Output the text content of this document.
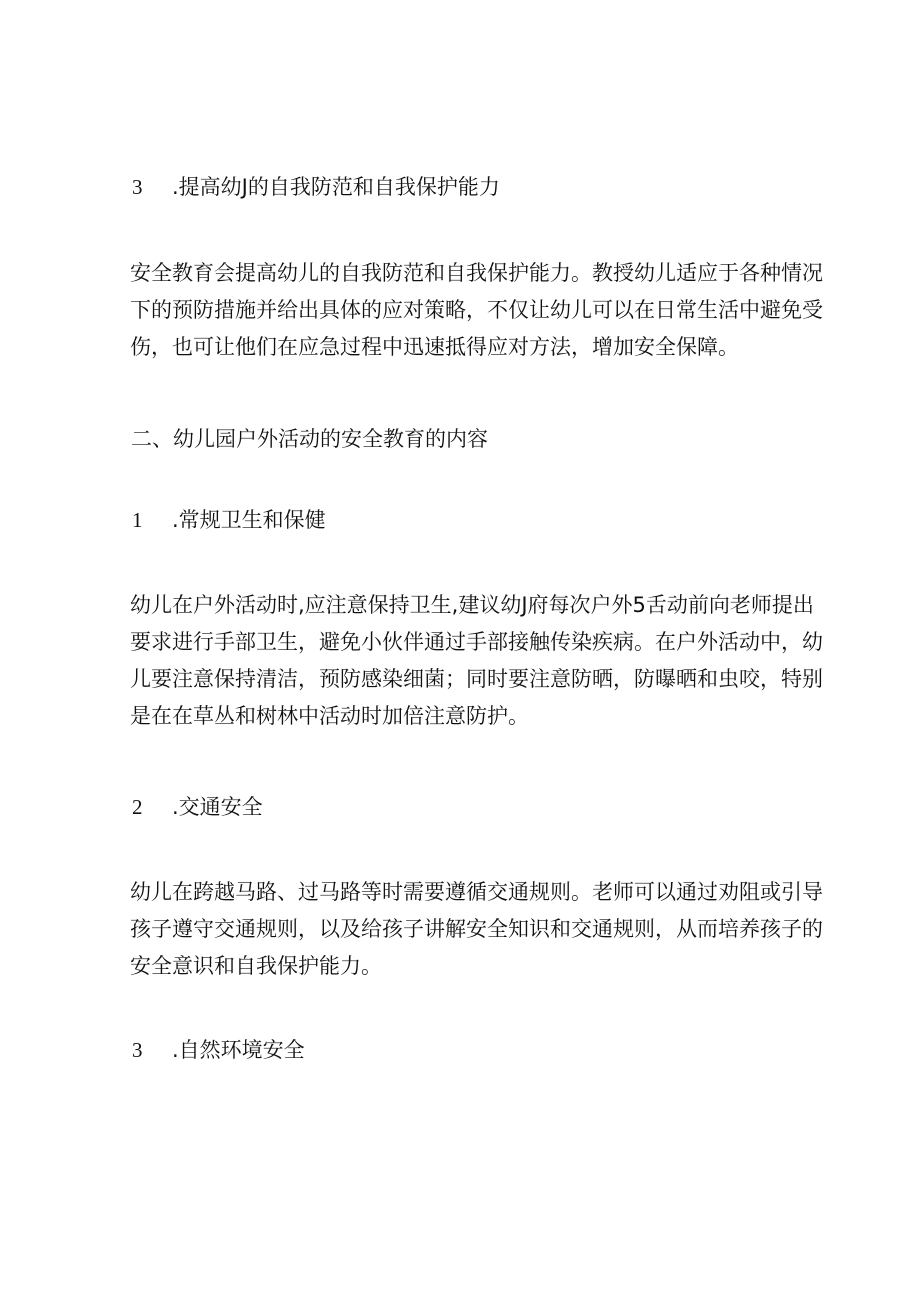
3 .提高幼J的自我防范和自我保护能力
安全教育会提高幼儿的自我防范和自我保护能力。教授幼儿适应于各种情况
下的预防措施并给出具体的应对策略，不仅让幼儿可以在日常生活中避免受
伤，也可让他们在应急过程中迅速抵得应对方法，增加安全保障。
二、幼儿园户外活动的安全教育的内容
1 .常规卫生和保健
幼儿在户外活动时,应注意保持卫生,建议幼J府每次户外5舌动前向老师提出
要求进行手部卫生，避免小伙伴通过手部接触传染疾病。在户外活动中，幼
儿要注意保持清洁，预防感染细菌；同时要注意防晒，防曝晒和虫咬，特别
是在在草丛和树林中活动时加倍注意防护。
2 .交通安全
幼儿在跨越马路、过马路等时需要遵循交通规则。老师可以通过劝阻或引导
孩子遵守交通规则，以及给孩子讲解安全知识和交通规则，从而培养孩子的
安全意识和自我保护能力。
3 .自然环境安全
